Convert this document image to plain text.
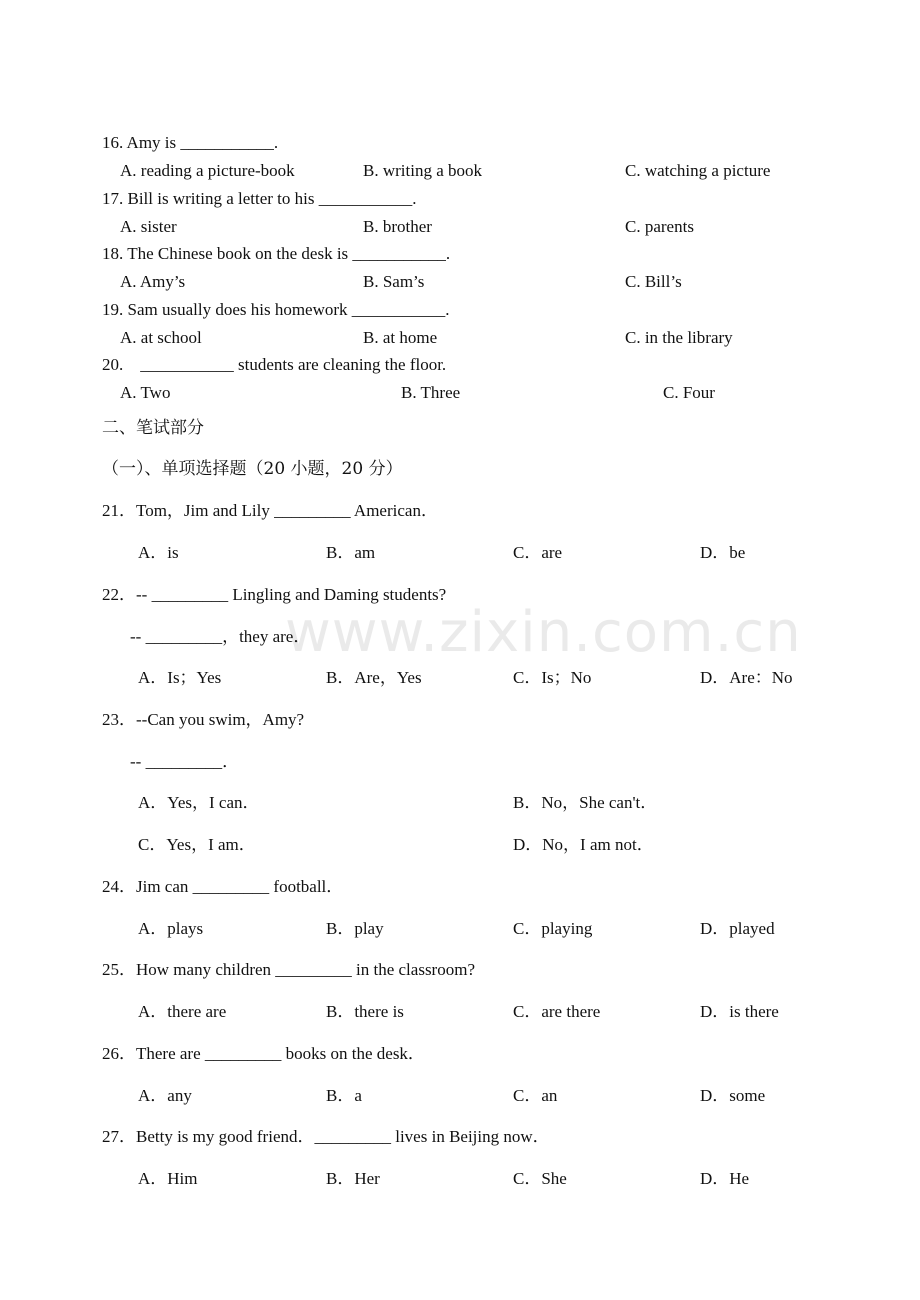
www.zixin.com.cn
16. Amy is ___________.
A. reading a picture-book	B. writing a book	C. watching a picture
17. Bill is writing a letter to his ___________.
A. sister	B. brother	C. parents
18. The Chinese book on the desk is ___________.
A. Amy’s	B. Sam’s	C. Bill’s
19. Sam usually does his homework ___________.
A. at school	B. at home	C. in the library
20.    ___________ students are cleaning the floor.
A. Two	B. Three	C. Four
二、笔试部分
（一）、单项选择题（20 小题，20 分）
21．Tom，Jim and Lily _________ American．
A．is	B．am	C．are	D．be
22．-- _________ Lingling and Daming students?
-- _________，they are．
A．Is；Yes	B．Are，Yes	C．Is；No	D．Are：No
23．--Can you swim，Amy?
-- _________．
A．Yes，I can．	B．No，She can't．
C．Yes，I am．	D．No，I am not．
24．Jim can _________ football．
A．plays	B．play	C．playing	D．played
25．How many children _________ in the classroom?
A．there are	B．there is	C．are there	D．is there
26．There are _________ books on the desk．
A．any	B．a	C．an	D．some
27．Betty is my good friend．_________ lives in Beijing now．
A．Him	B．Her	C．She	D．He
